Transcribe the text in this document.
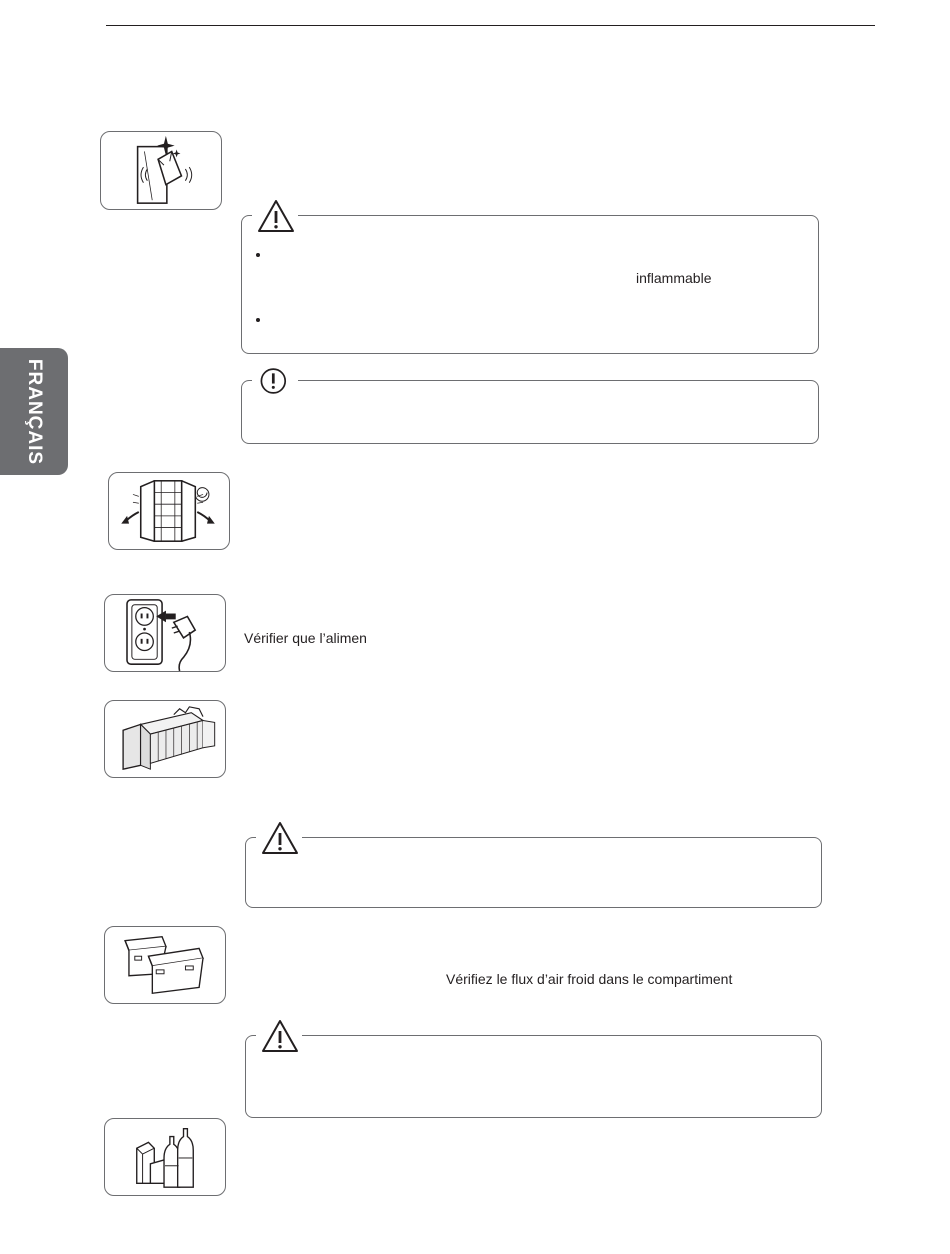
FRANÇAIS
inflammable
Vérifier que l’alimen
Vérifiez le flux d’air froid dans le compartiment
